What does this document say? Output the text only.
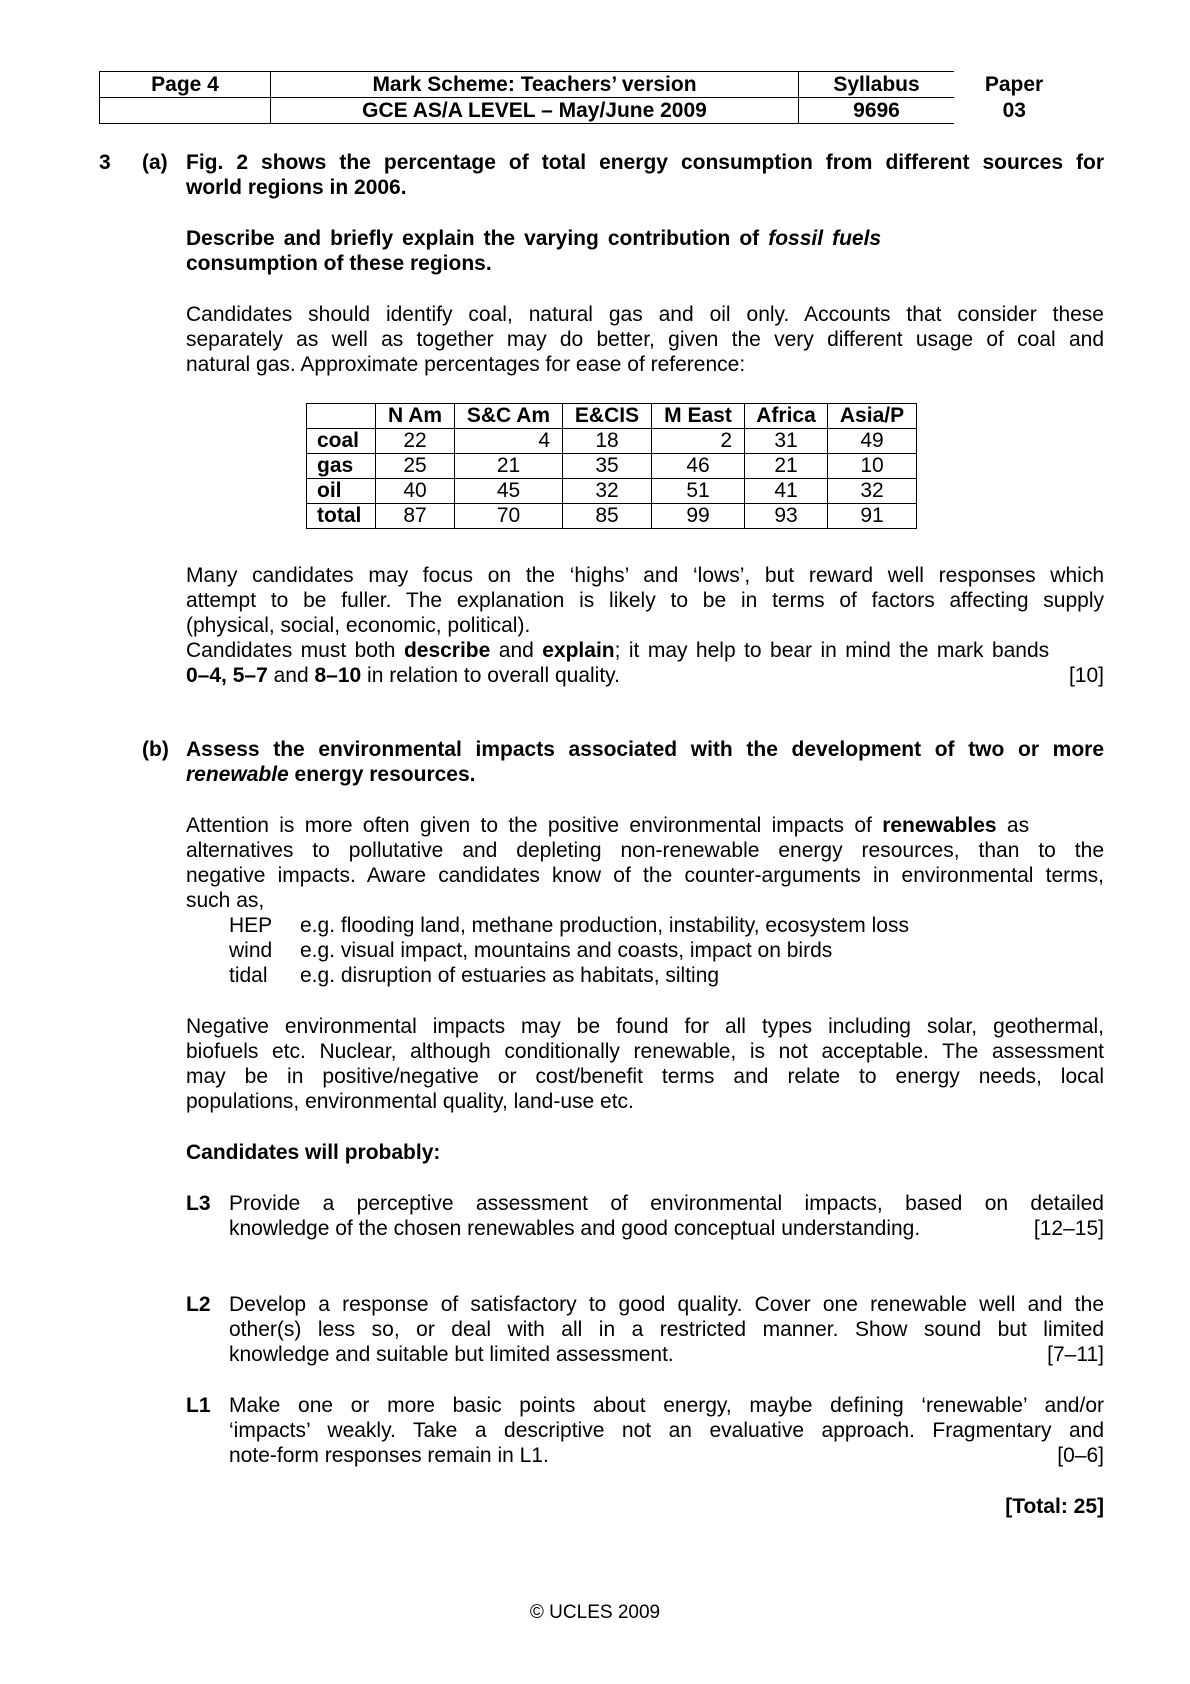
Page 4	Mark Scheme: Teachers’ version	Syllabus	Paper
	GCE AS/A LEVEL – May/June 2009	9696	03
3 (a) Fig. 2 shows the percentage of total energy consumption from different sources for
world regions in 2006.
Describe and briefly explain the varying contribution of fossil fuels
consumption of these regions.
Candidates should identify coal, natural gas and oil only. Accounts that consider these
separately as well as together may do better, given the very different usage of coal and
natural gas. Approximate percentages for ease of reference:
	N Am	S&C Am	E&CIS	M East	Africa	Asia/P
coal	22	4	18	2	31	49
gas	25	21	35	46	21	10
oil	40	45	32	51	41	32
total	87	70	85	99	93	91
Many candidates may focus on the ‘highs’ and ‘lows’, but reward well responses which
attempt to be fuller. The explanation is likely to be in terms of factors affecting supply
(physical, social, economic, political).
Candidates must both describe and explain; it may help to bear in mind the mark bands
0–4, 5–7 and 8–10 in relation to overall quality.	[10]
(b) Assess the environmental impacts associated with the development of two or more
renewable energy resources.
Attention is more often given to the positive environmental impacts of renewables as
alternatives to pollutative and depleting non-renewable energy resources, than to the
negative impacts. Aware candidates know of the counter-arguments in environmental terms,
such as,
HEP e.g. flooding land, methane production, instability, ecosystem loss
wind e.g. visual impact, mountains and coasts, impact on birds
tidal e.g. disruption of estuaries as habitats, silting
Negative environmental impacts may be found for all types including solar, geothermal,
biofuels etc. Nuclear, although conditionally renewable, is not acceptable. The assessment
may be in positive/negative or cost/benefit terms and relate to energy needs, local
populations, environmental quality, land-use etc.
Candidates will probably:
L3 Provide a perceptive assessment of environmental impacts, based on detailed
knowledge of the chosen renewables and good conceptual understanding.	[12–15]
L2 Develop a response of satisfactory to good quality. Cover one renewable well and the
other(s) less so, or deal with all in a restricted manner. Show sound but limited
knowledge and suitable but limited assessment.	[7–11]
L1 Make one or more basic points about energy, maybe defining ‘renewable’ and/or
‘impacts’ weakly. Take a descriptive not an evaluative approach. Fragmentary and
note-form responses remain in L1.	[0–6]
[Total: 25]
© UCLES 2009
